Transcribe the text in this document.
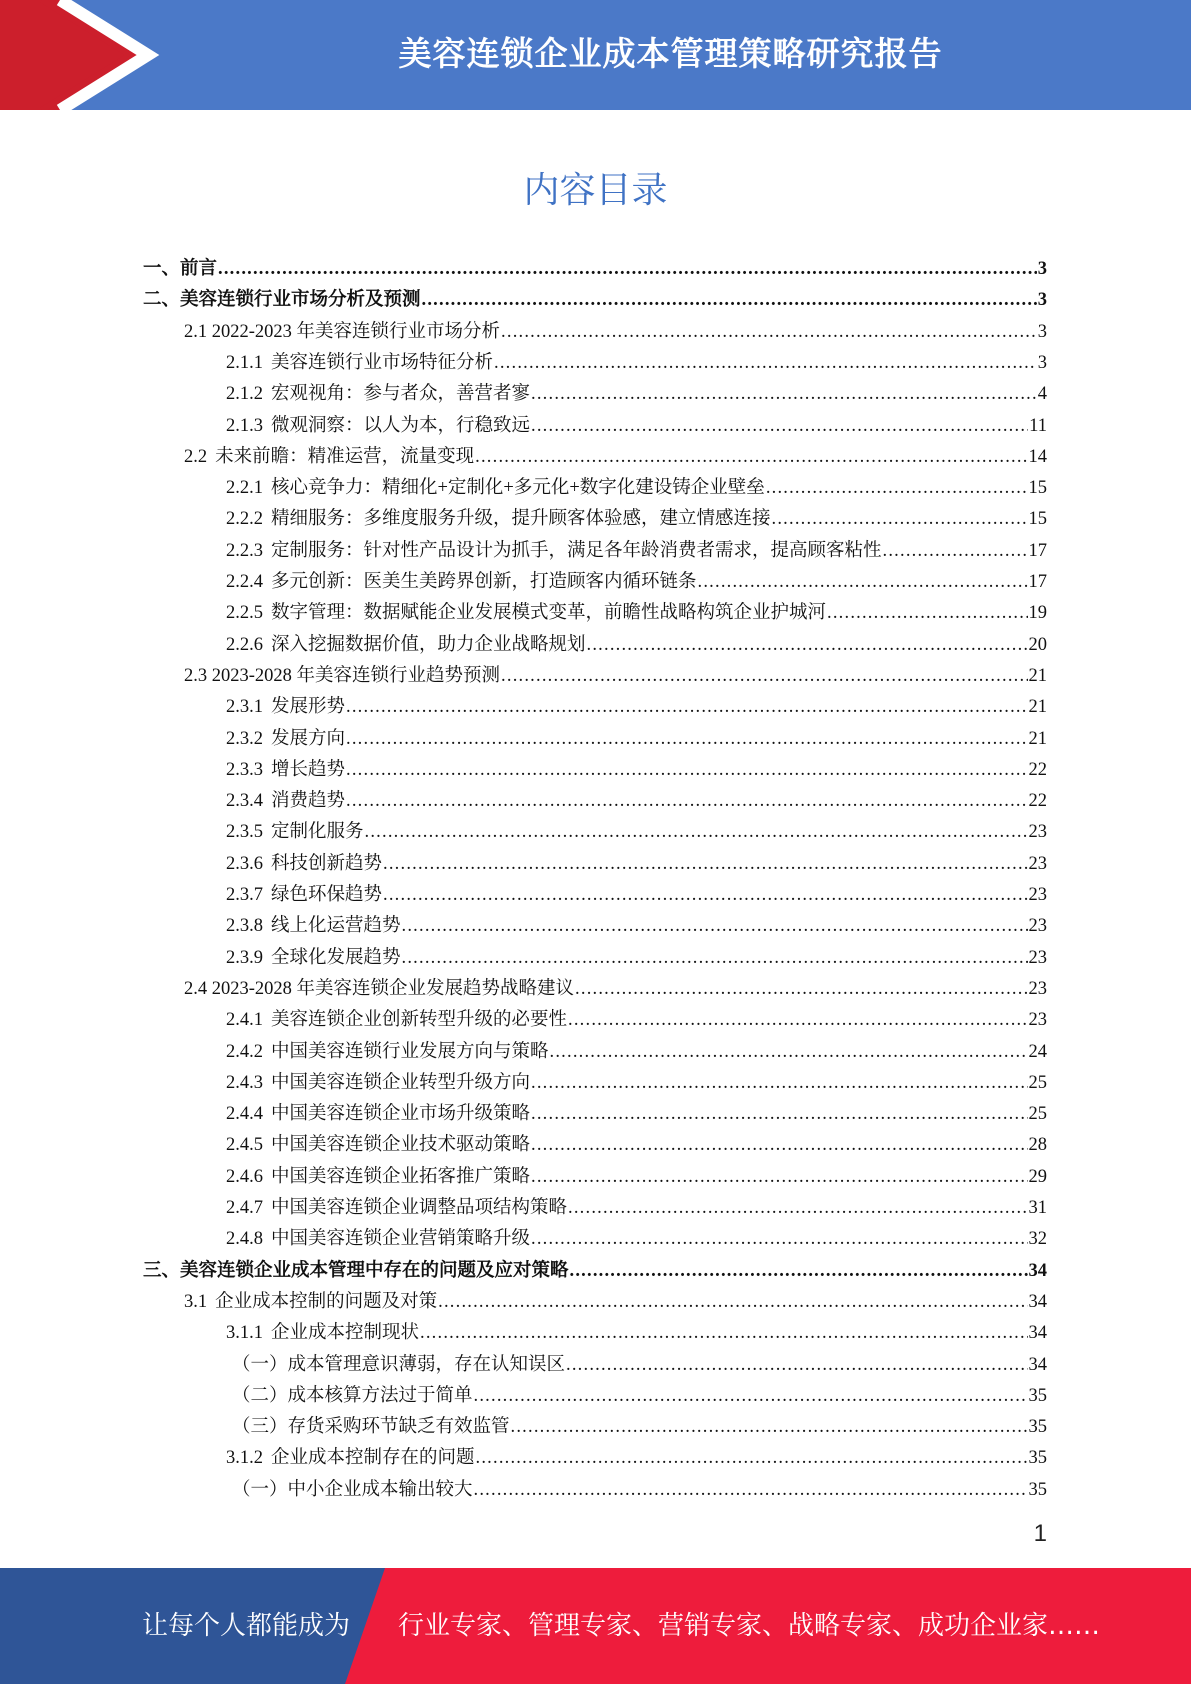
美容连锁企业成本管理策略研究报告
内容目录
一、前言 .....	3
二、美容连锁行业市场分析及预测 .....	3
2.1 2022-2023 年美容连锁行业市场分析 .....	3
2.1.1 美容连锁行业市场特征分析 .....	3
2.1.2 宏观视角：参与者众，善营者寥 .....	4
2.1.3 微观洞察：以人为本，行稳致远 .....	11
2.2 未来前瞻：精准运营，流量变现 .....	14
2.2.1 核心竞争力：精细化+定制化+多元化+数字化建设铸企业壁垒 .....	15
2.2.2 精细服务：多维度服务升级，提升顾客体验感，建立情感连接 .....	15
2.2.3 定制服务：针对性产品设计为抓手，满足各年龄消费者需求，提高顾客粘性 .....	17
2.2.4 多元创新：医美生美跨界创新，打造顾客内循环链条 .....	17
2.2.5 数字管理：数据赋能企业发展模式变革，前瞻性战略构筑企业护城河 .....	19
2.2.6 深入挖掘数据价值，助力企业战略规划 .....	20
2.3 2023-2028 年美容连锁行业趋势预测 .....	21
2.3.1 发展形势 .....	21
2.3.2 发展方向 .....	21
2.3.3 增长趋势 .....	22
2.3.4 消费趋势 .....	22
2.3.5 定制化服务 .....	23
2.3.6 科技创新趋势 .....	23
2.3.7 绿色环保趋势 .....	23
2.3.8 线上化运营趋势 .....	23
2.3.9 全球化发展趋势 .....	23
2.4 2023-2028 年美容连锁企业发展趋势战略建议 .....	23
2.4.1 美容连锁企业创新转型升级的必要性 .....	23
2.4.2 中国美容连锁行业发展方向与策略 .....	24
2.4.3 中国美容连锁企业转型升级方向 .....	25
2.4.4 中国美容连锁企业市场升级策略 .....	25
2.4.5 中国美容连锁企业技术驱动策略 .....	28
2.4.6 中国美容连锁企业拓客推广策略 .....	29
2.4.7 中国美容连锁企业调整品项结构策略 .....	31
2.4.8 中国美容连锁企业营销策略升级 .....	32
三、美容连锁企业成本管理中存在的问题及应对策略 .....	34
3.1 企业成本控制的问题及对策 .....	34
3.1.1 企业成本控制现状 .....	34
（一）成本管理意识薄弱，存在认知误区 .....	34
（二）成本核算方法过于简单 .....	35
（三）存货采购环节缺乏有效监管 .....	35
3.1.2 企业成本控制存在的问题 .....	35
（一）中小企业成本输出较大 .....	35
1
让每个人都能成为 行业专家、管理专家、营销专家、战略专家、成功企业家……
